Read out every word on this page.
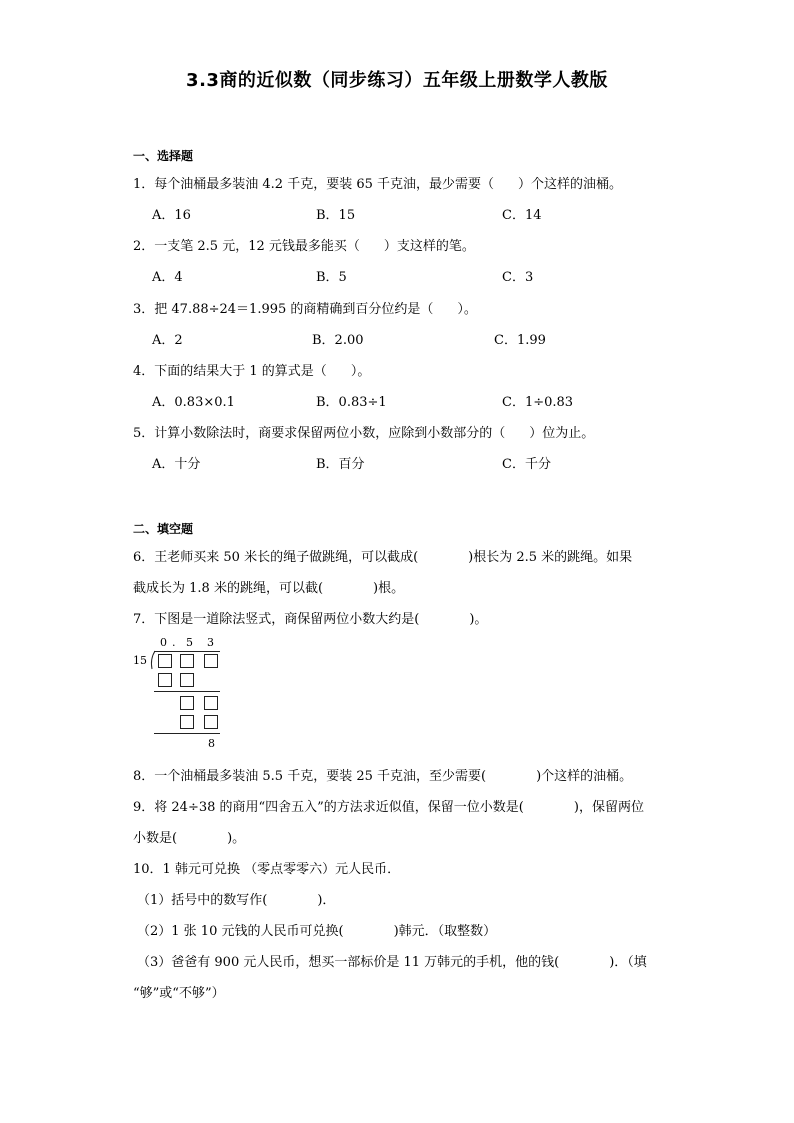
3.3商的近似数（同步练习）五年级上册数学人教版
一、选择题
1．每个油桶最多装油 4.2 千克，要装 65 千克油，最少需要（ ）个这样的油桶。
A．16	B．15	C．14
2．一支笔 2.5 元，12 元钱最多能买（ ）支这样的笔。
A．4	B．5	C．3
3．把 47.88÷24＝1.995 的商精确到百分位约是（ ）。
A．2	B．2.00	C．1.99
4．下面的结果大于 1 的算式是（ ）。
A．0.83×0.1	B．0.83÷1	C．1÷0.83
5．计算小数除法时，商要求保留两位小数，应除到小数部分的（ ）位为止。
A．十分	B．百分	C．千分
二、填空题
6．王老师买来 50 米长的绳子做跳绳，可以截成(	)根长为 2.5 米的跳绳。如果
截成长为 1.8 米的跳绳，可以截(	)根。
7．下图是一道除法竖式，商保留两位小数大约是(	)。
0 . 5 3
15
8
8．一个油桶最多装油 5.5 千克，要装 25 千克油，至少需要(	)个这样的油桶。
9．将 24÷38 的商用“四舍五入”的方法求近似值，保留一位小数是(	)，保留两位
小数是(	)。
10．1 韩元可兑换 （零点零零六）元人民币．
（1）括号中的数写作(	)．
（2）1 张 10 元钱的人民币可兑换(	)韩元．（取整数）
（3）爸爸有 900 元人民币，想买一部标价是 11 万韩元的手机，他的钱(	)．（填
“够”或“不够”）
